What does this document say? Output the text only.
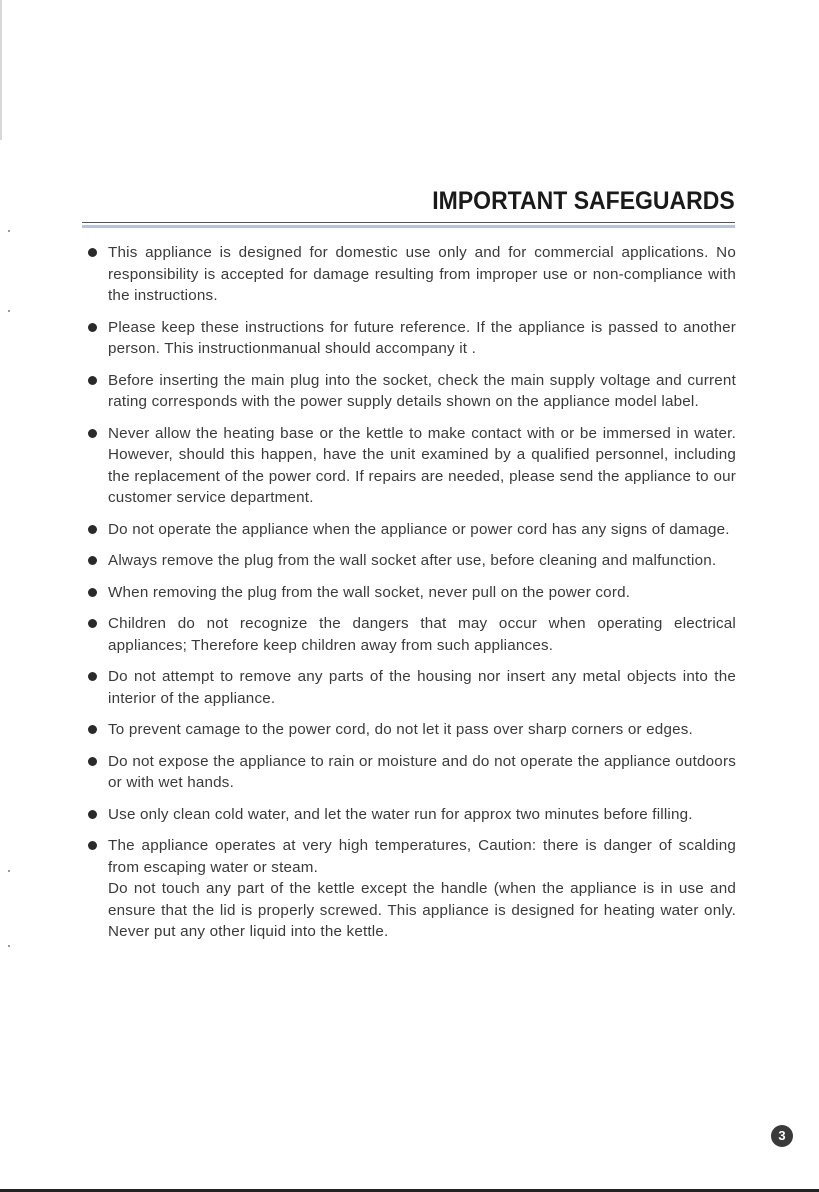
IMPORTANT SAFEGUARDS
This appliance is designed for domestic use only and for commercial applications. No responsibility is accepted for damage resulting from improper use or non-compliance with the instructions.
Please keep these instructions for future reference. If the appliance is passed to another person. This instructionmanual should accompany it .
Before inserting the main plug into the socket, check the main supply voltage and current rating corresponds with the power supply details shown on the appliance model label.
Never allow the heating base or the kettle to make contact with or be immersed in water. However, should this happen, have the unit examined by a qualified personnel, including the replacement of the power cord. If repairs are needed, please send the appliance to our customer service department.
Do not operate the appliance when the appliance or power cord has any signs of damage.
Always remove the plug from the wall socket after use, before cleaning and malfunction.
When removing the plug from the wall socket, never pull on the power cord.
Children do not recognize the dangers that may occur when operating electrical appliances; Therefore keep children away from such appliances.
Do not attempt to remove any parts of the housing nor insert any metal objects into the interior of the appliance.
To prevent camage to the power cord, do not let it pass over sharp corners or edges.
Do not expose the appliance to rain or moisture and do not operate the appliance outdoors or with wet hands.
Use only clean cold water, and let the water run for approx two minutes before filling.
The appliance operates at very high temperatures, Caution: there is danger of scalding from escaping water or steam.
Do not touch any part of the kettle except the handle (when the appliance is in use and ensure that the lid is properly screwed. This appliance is designed for heating water only. Never put any other liquid into the kettle.
3
